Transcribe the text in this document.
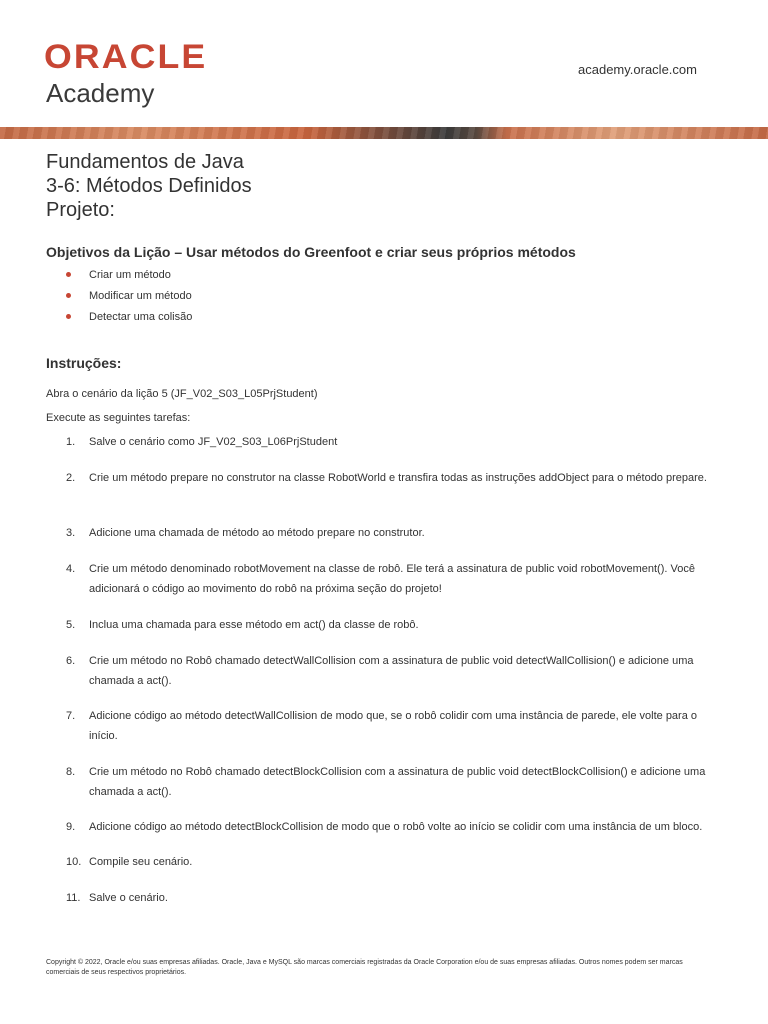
ORACLE
Academy
academy.oracle.com
Fundamentos de Java
3-6: Métodos Definidos
Projeto:
Objetivos da Lição – Usar métodos do Greenfoot e criar seus próprios métodos
Criar um método
Modificar um método
Detectar uma colisão
Instruções:
Abra o cenário da lição 5 (JF_V02_S03_L05PrjStudent)
Execute as seguintes tarefas:
1.	Salve o cenário como JF_V02_S03_L06PrjStudent
2.	Crie um método prepare no construtor na classe RobotWorld e transfira todas as instruções addObject para o método prepare.
3.	Adicione uma chamada de método ao método prepare no construtor.
4.	Crie um método denominado robotMovement na classe de robô. Ele terá a assinatura de public void robotMovement(). Você adicionará o código ao movimento do robô na próxima seção do projeto!
5.	Inclua uma chamada para esse método em act() da classe de robô.
6.	Crie um método no Robô chamado detectWallCollision com a assinatura de public void detectWallCollision() e adicione uma chamada a act().
7.	Adicione código ao método detectWallCollision de modo que, se o robô colidir com uma instância de parede, ele volte para o início.
8.	Crie um método no Robô chamado detectBlockCollision com a assinatura de public void detectBlockCollision() e adicione uma chamada a act().
9.	Adicione código ao método detectBlockCollision de modo que o robô volte ao início se colidir com uma instância de um bloco.
10. Compile seu cenário.
11. Salve o cenário.
Copyright © 2022, Oracle e/ou suas empresas afiliadas. Oracle, Java e MySQL são marcas comerciais registradas da Oracle Corporation e/ou de suas empresas afiliadas. Outros nomes podem ser marcas comerciais de seus respectivos proprietários.
